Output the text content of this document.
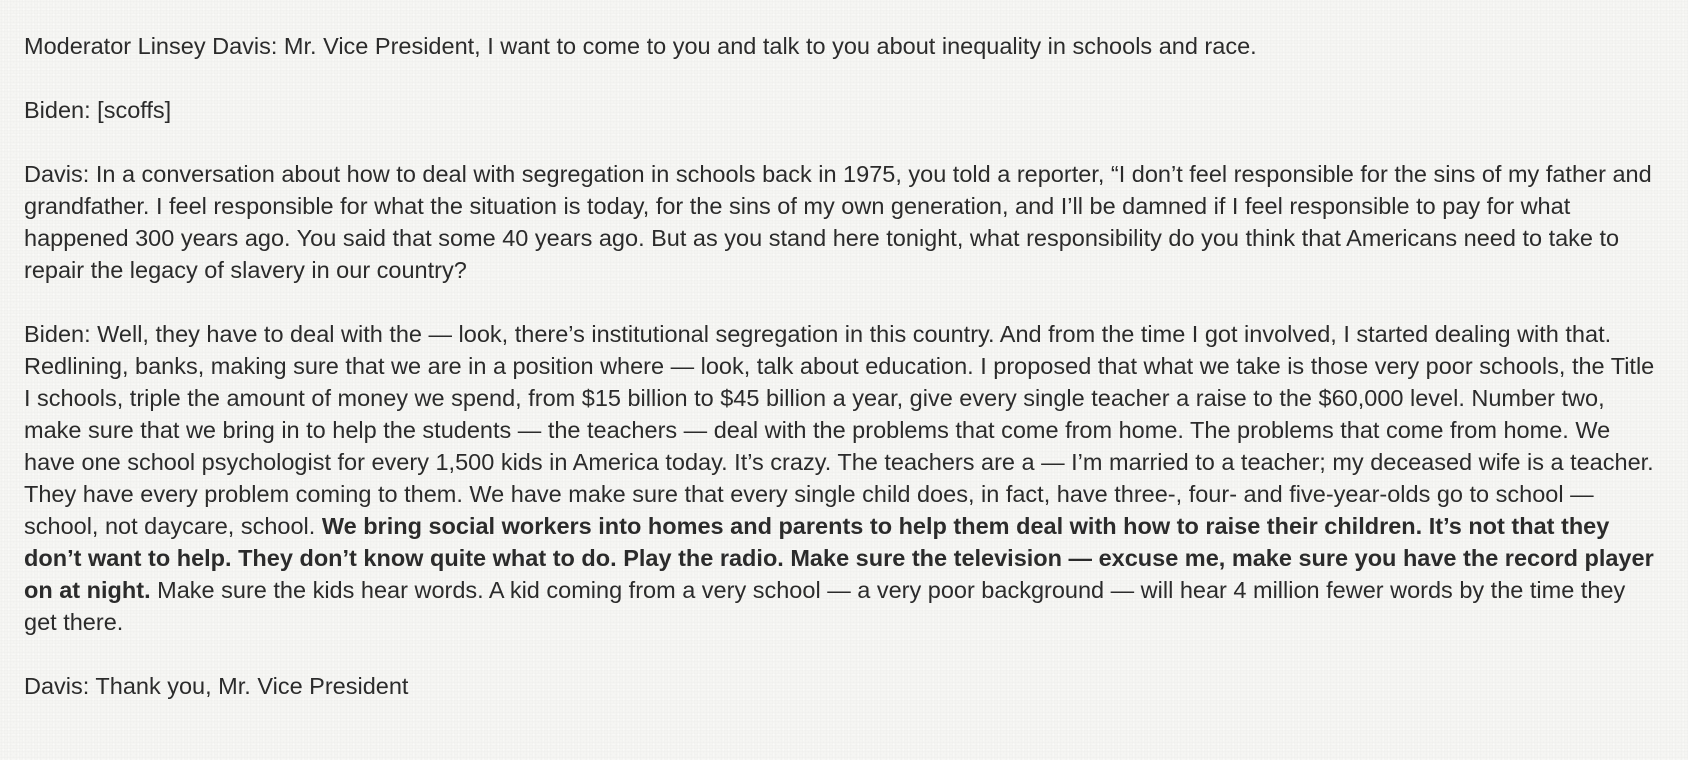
Moderator Linsey Davis: Mr. Vice President, I want to come to you and talk to you about inequality in schools and race.

Biden: [scoffs]

Davis: In a conversation about how to deal with segregation in schools back in 1975, you told a reporter, “I don’t feel responsible for the sins of my father and grandfather. I feel responsible for what the situation is today, for the sins of my own generation, and I’ll be damned if I feel responsible to pay for what happened 300 years ago. You said that some 40 years ago. But as you stand here tonight, what responsibility do you think that Americans need to take to repair the legacy of slavery in our country?

Biden: Well, they have to deal with the — look, there’s institutional segregation in this country. And from the time I got involved, I started dealing with that. Redlining, banks, making sure that we are in a position where — look, talk about education. I proposed that what we take is those very poor schools, the Title I schools, triple the amount of money we spend, from $15 billion to $45 billion a year, give every single teacher a raise to the $60,000 level. Number two, make sure that we bring in to help the students — the teachers — deal with the problems that come from home. The problems that come from home. We have one school psychologist for every 1,500 kids in America today. It’s crazy. The teachers are a — I’m married to a teacher; my deceased wife is a teacher. They have every problem coming to them. We have make sure that every single child does, in fact, have three-, four- and five-year-olds go to school — school, not daycare, school. We bring social workers into homes and parents to help them deal with how to raise their children. It’s not that they don’t want to help. They don’t know quite what to do. Play the radio. Make sure the television — excuse me, make sure you have the record player on at night. Make sure the kids hear words. A kid coming from a very school — a very poor background — will hear 4 million fewer words by the time they get there.

Davis: Thank you, Mr. Vice President
